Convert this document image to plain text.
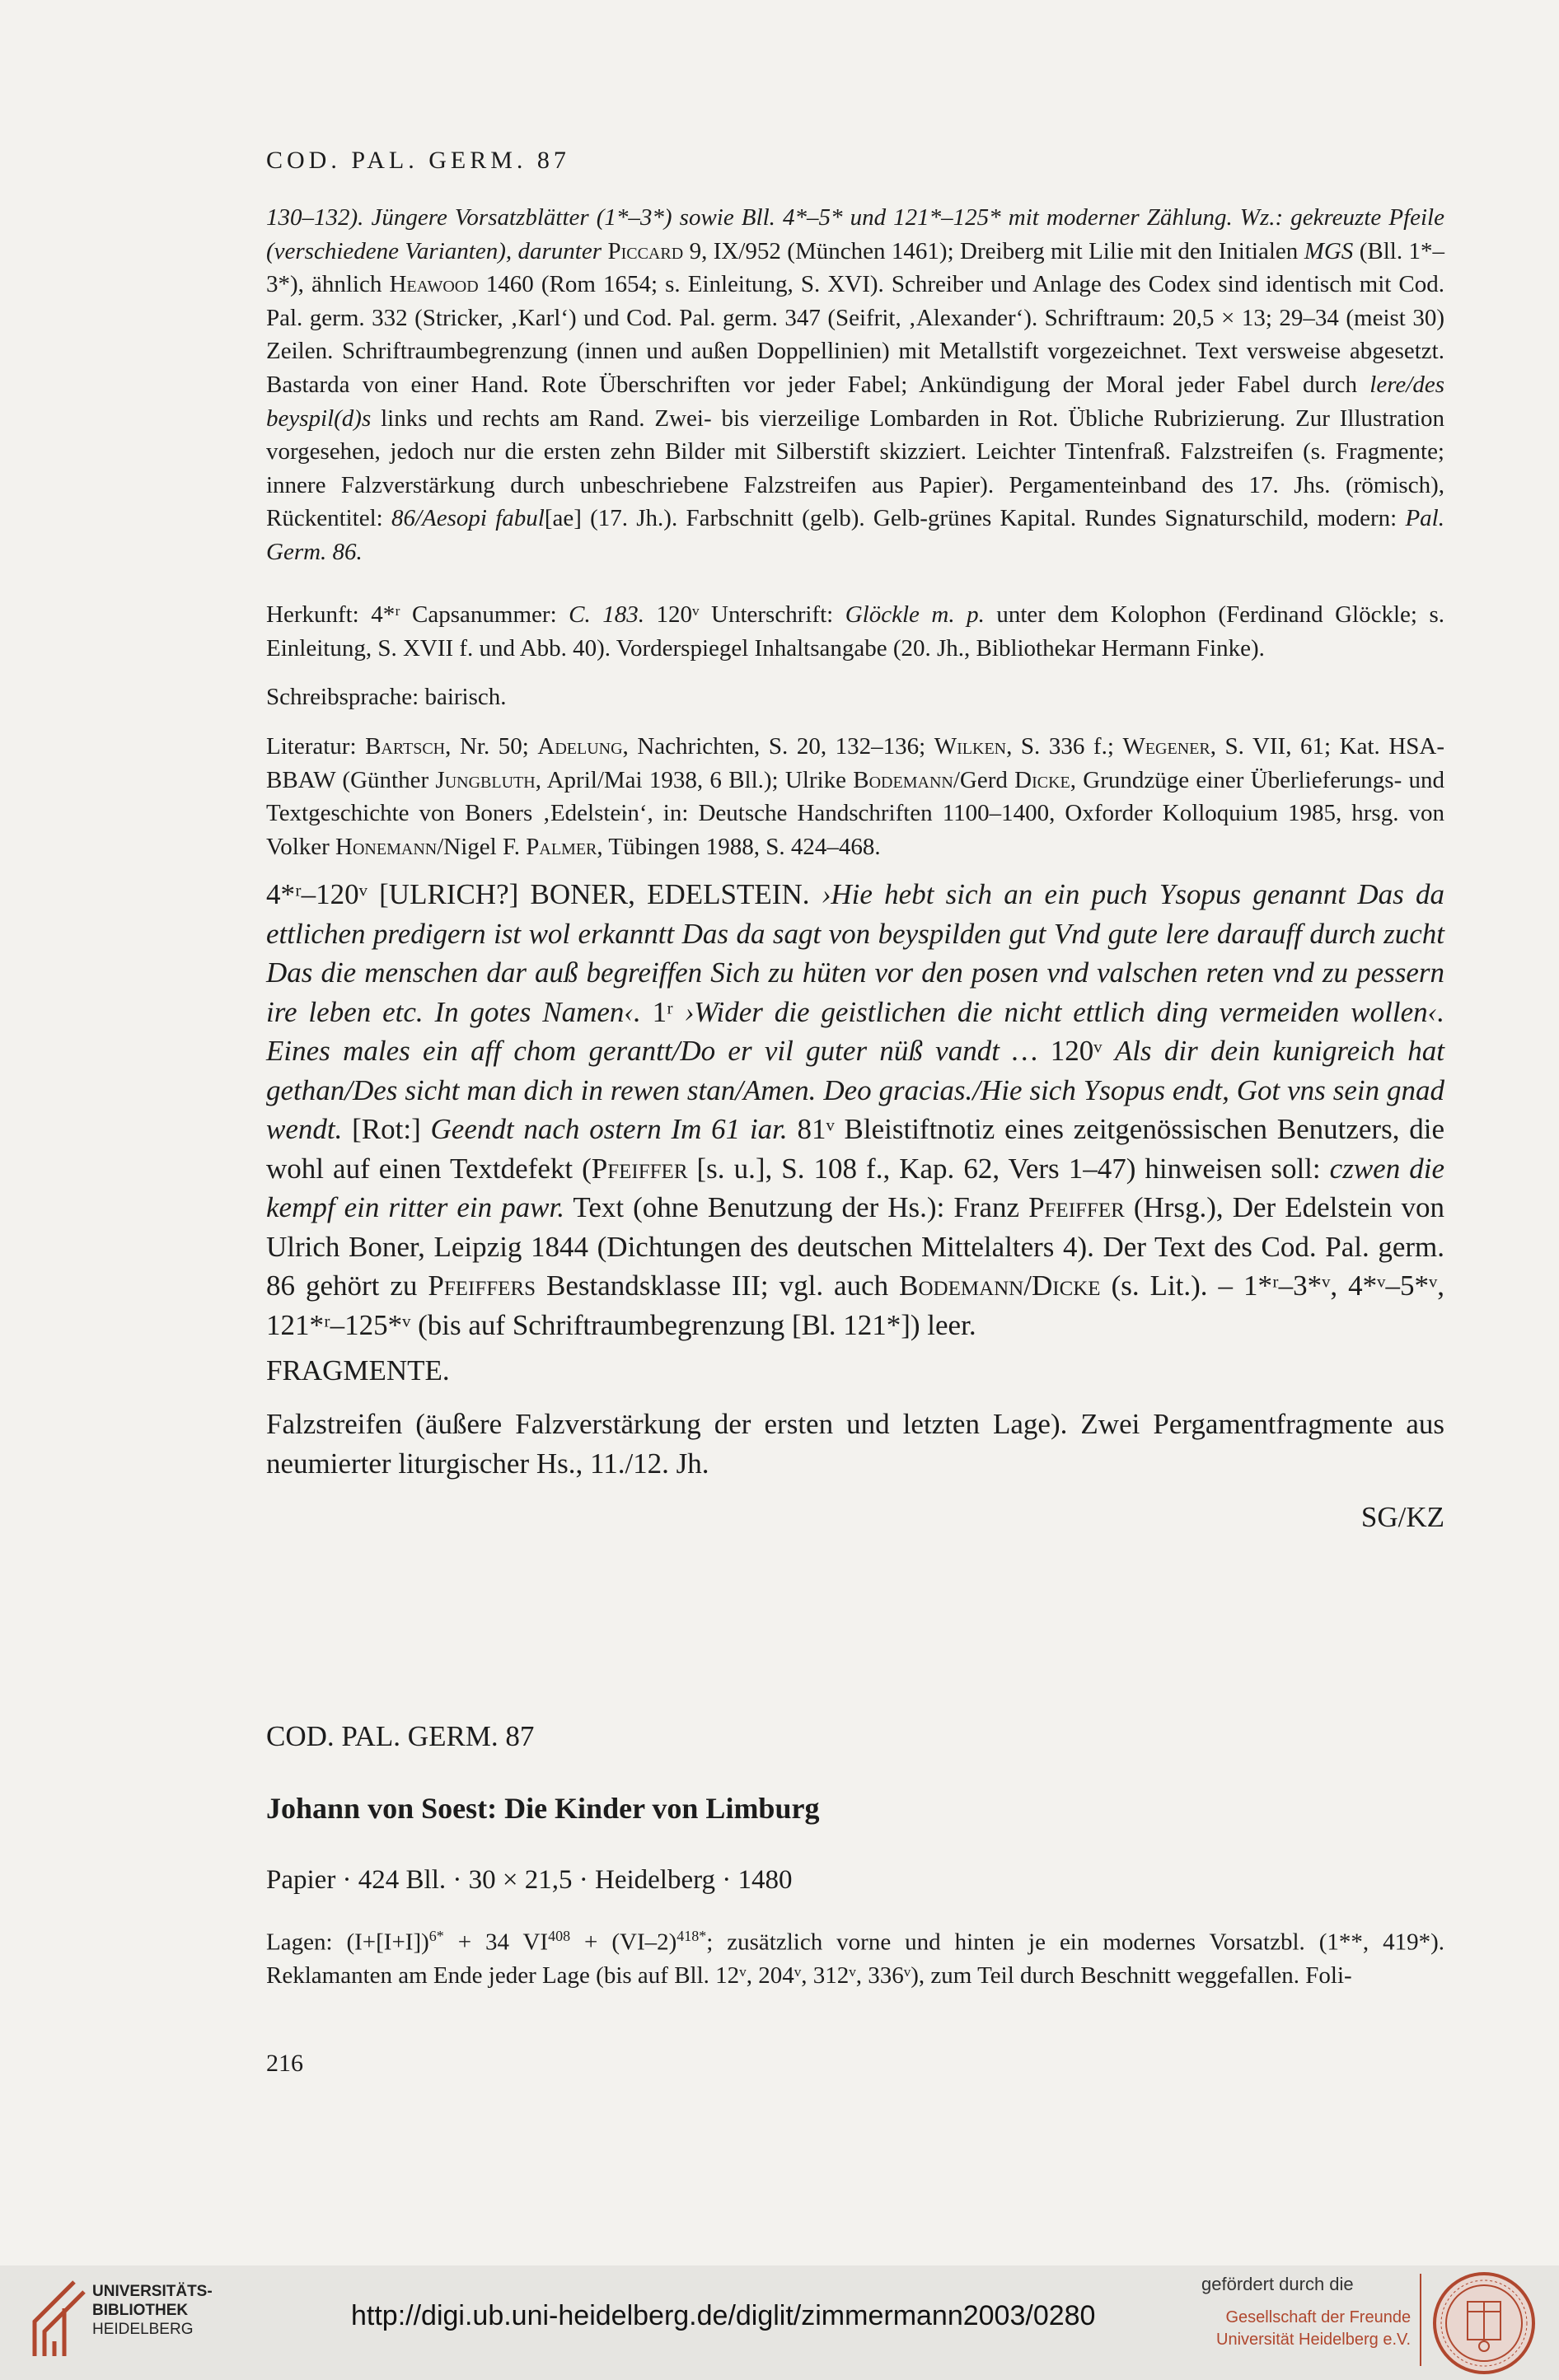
COD. PAL. GERM. 87
130–132). Jüngere Vorsatzblätter (1*–3*) sowie Bll. 4*–5* und 121*–125* mit moderner Zählung. Wz.: gekreuzte Pfeile (verschiedene Varianten), darunter Piccard 9, IX/952 (München 1461); Dreiberg mit Lilie mit den Initialen MGS (Bll. 1*–3*), ähnlich Heawood 1460 (Rom 1654; s. Einleitung, S. XVI). Schreiber und Anlage des Codex sind identisch mit Cod. Pal. germ. 332 (Stricker, ‚Karl‘) und Cod. Pal. germ. 347 (Seifrit, ‚Alexander‘). Schriftraum: 20,5 × 13; 29–34 (meist 30) Zeilen. Schriftraumbegrenzung (innen und außen Doppellinien) mit Metallstift vorgezeichnet. Text versweise abgesetzt. Bastarda von einer Hand. Rote Überschriften vor jeder Fabel; Ankündigung der Moral jeder Fabel durch lere/des beyspil(d)s links und rechts am Rand. Zwei- bis vierzeilige Lombarden in Rot. Übliche Rubrizierung. Zur Illustration vorgesehen, jedoch nur die ersten zehn Bilder mit Silberstift skizziert. Leichter Tintenfraß. Falzstreifen (s. Fragmente; innere Falzverstärkung durch unbeschriebene Falzstreifen aus Papier). Pergamenteinband des 17. Jhs. (römisch), Rückentitel: 86/Aesopi fabul[ae] (17. Jh.). Farbschnitt (gelb). Gelb-grünes Kapital. Rundes Signaturschild, modern: Pal. Germ. 86.
Herkunft: 4*ʳ Capsanummer: C. 183. 120ᵛ Unterschrift: Glöckle m. p. unter dem Kolophon (Ferdinand Glöckle; s. Einleitung, S. XVII f. und Abb. 40). Vorderspiegel Inhaltsangabe (20. Jh., Bibliothekar Hermann Finke).
Schreibsprache: bairisch.
Literatur: Bartsch, Nr. 50; Adelung, Nachrichten, S. 20, 132–136; Wilken, S. 336 f.; Wegener, S. VII, 61; Kat. HSA-BBAW (Günther Jungbluth, April/Mai 1938, 6 Bll.); Ulrike Bodemann/Gerd Dicke, Grundzüge einer Überlieferungs- und Textgeschichte von Boners ‚Edelstein‘, in: Deutsche Handschriften 1100–1400, Oxforder Kolloquium 1985, hrsg. von Volker Honemann/Nigel F. Palmer, Tübingen 1988, S. 424–468.
4*ʳ–120ᵛ [ULRICH?] BONER, EDELSTEIN. ›Hie hebt sich an ein puch Ysopus genannt Das da ettlichen predigern ist wol erkanntt Das da sagt von beyspilden gut Vnd gute lere darauff durch zucht Das die menschen dar auß begreiffen Sich zu hüten vor den posen vnd valschen reten vnd zu pessern ire leben etc. In gotes Namen‹. 1ʳ ›Wider die geistlichen die nicht ettlich ding vermeiden wollen‹. Eines males ein aff chom gerantt/Do er vil guter nüß vandt … 120ᵛ Als dir dein kunigreich hat gethan/Des sicht man dich in rewen stan/Amen. Deo gracias./Hie sich Ysopus endt, Got vns sein gnad wendt. [Rot:] Geendt nach ostern Im 61 iar. 81ᵛ Bleistiftnotiz eines zeitgenössischen Benutzers, die wohl auf einen Textdefekt (Pfeiffer [s. u.], S. 108 f., Kap. 62, Vers 1–47) hinweisen soll: czwen die kempf ein ritter ein pawr. Text (ohne Benutzung der Hs.): Franz Pfeiffer (Hrsg.), Der Edelstein von Ulrich Boner, Leipzig 1844 (Dichtungen des deutschen Mittelalters 4). Der Text des Cod. Pal. germ. 86 gehört zu Pfeiffers Bestandsklasse III; vgl. auch Bodemann/Dicke (s. Lit.). – 1*ʳ–3*ᵛ, 4*ᵛ–5*ᵛ, 121*ʳ–125*ᵛ (bis auf Schriftraumbegrenzung [Bl. 121*]) leer.
FRAGMENTE.
Falzstreifen (äußere Falzverstärkung der ersten und letzten Lage). Zwei Pergamentfragmente aus neumierter liturgischer Hs., 11./12. Jh.
SG/KZ
COD. PAL. GERM. 87
Johann von Soest: Die Kinder von Limburg
Papier · 424 Bll. · 30 × 21,5 · Heidelberg · 1480
Lagen: $(I+[I+I])^{6*} + 34$ $VI^{408} + (VI-2)^{418*}$; zusätzlich vorne und hinten je ein modernes Vorsatzbl. (1**, 419*). Reklamanten am Ende jeder Lage (bis auf Bll. 12ᵛ, 204ᵛ, 312ᵛ, 336ᵛ), zum Teil durch Beschnitt weggefallen. Foli-
216
UNIVERSITÄTS-
BIBLIOTHEK
HEIDELBERG	http://digi.ub.uni-heidelberg.de/diglit/zimmermann2003/0280
gefördert durch die
Gesellschaft der Freunde
Universität Heidelberg e.V.
